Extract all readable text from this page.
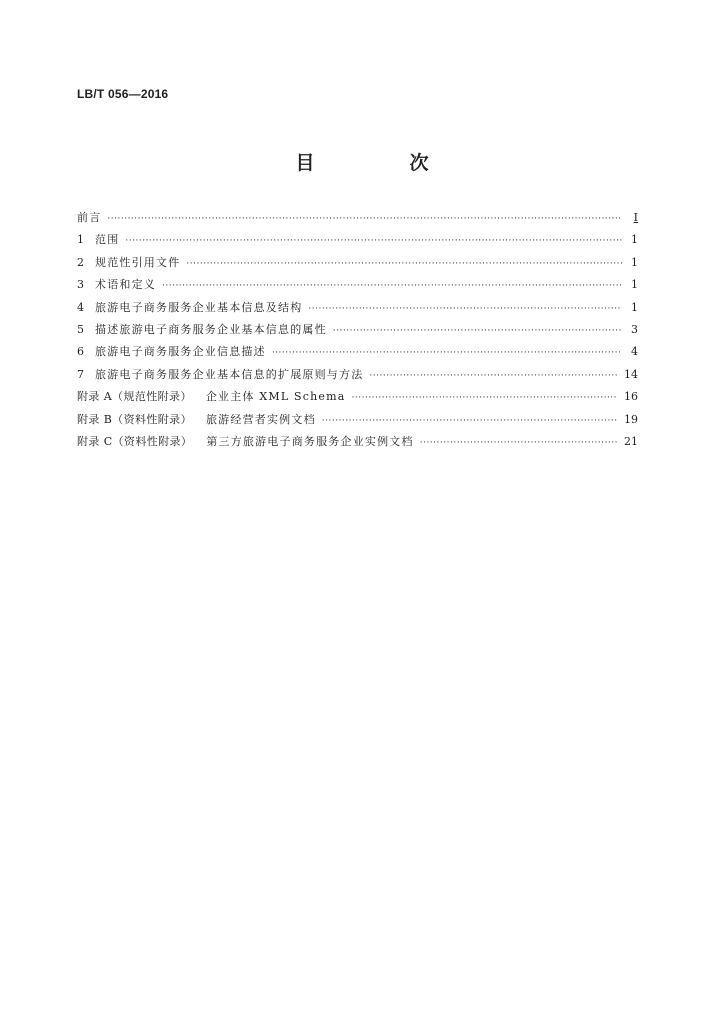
LB/T 056—2016
目　次
前言 ·····	I
1	范围 ·····	1
2	规范性引用文件 ·····	1
3	术语和定义 ·····	1
4	旅游电子商务服务企业基本信息及结构 ·····	1
5	描述旅游电子商务服务企业基本信息的属性 ·····	3
6	旅游电子商务服务企业信息描述 ·····	4
7	旅游电子商务服务企业基本信息的扩展原则与方法 ·····	14
附录 A（规范性附录） 企业主体 XML Schema ·····	16
附录 B（资料性附录） 旅游经营者实例文档 ·····	19
附录 C（资料性附录） 第三方旅游电子商务服务企业实例文档 ·····	21
